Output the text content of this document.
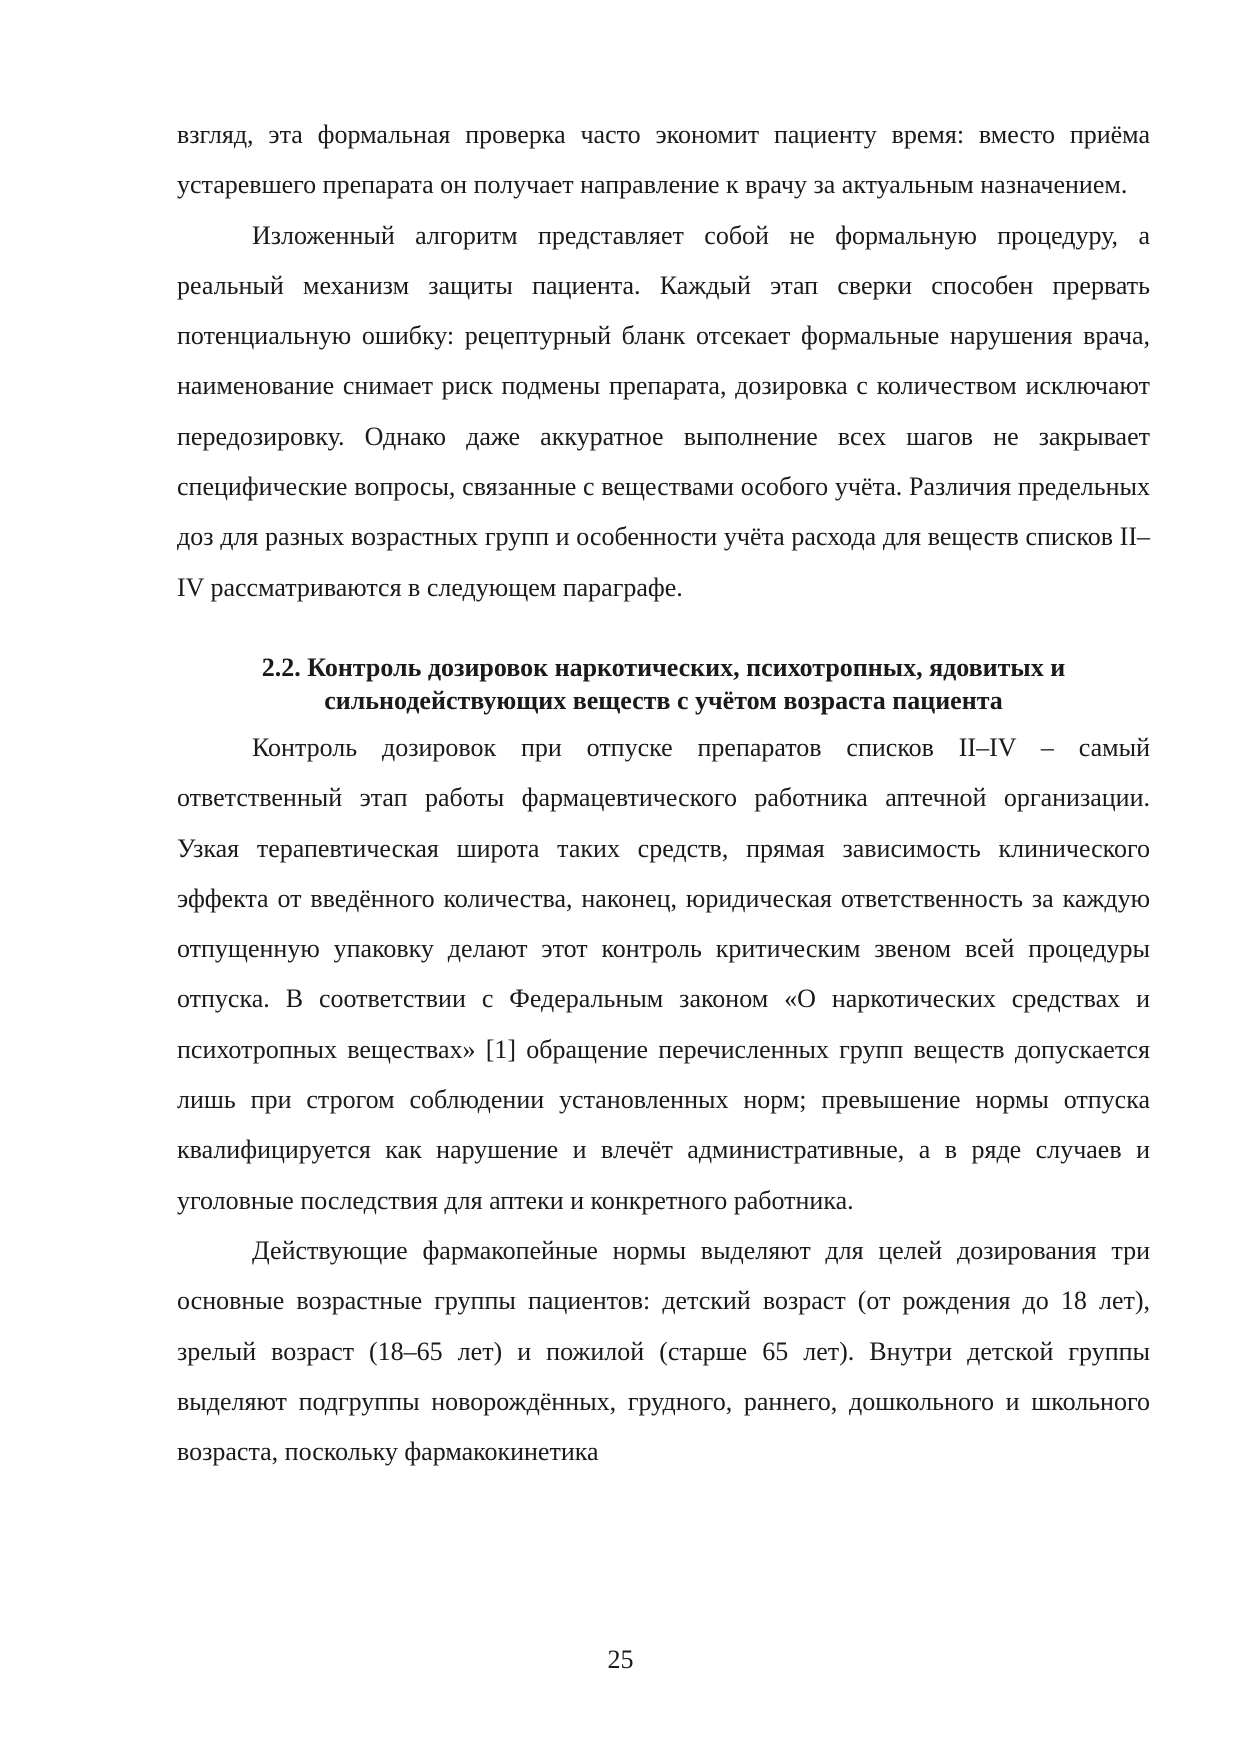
взгляд, эта формальная проверка часто экономит пациенту время: вместо приёма устаревшего препарата он получает направление к врачу за актуальным назначением.

Изложенный алгоритм представляет собой не формальную процедуру, а реальный механизм защиты пациента. Каждый этап сверки способен прервать потенциальную ошибку: рецептурный бланк отсекает формальные нарушения врача, наименование снимает риск подмены препарата, дозировка с количеством исключают передозировку. Однако даже аккуратное выполнение всех шагов не закрывает специфические вопросы, связанные с веществами особого учёта. Различия предельных доз для разных возрастных групп и особенности учёта расхода для веществ списков II–IV рассматриваются в следующем параграфе.

2.2. Контроль дозировок наркотических, психотропных, ядовитых и сильнодействующих веществ с учётом возраста пациента

Контроль дозировок при отпуске препаратов списков II–IV – самый ответственный этап работы фармацевтического работника аптечной организации. Узкая терапевтическая широта таких средств, прямая зависимость клинического эффекта от введённого количества, наконец, юридическая ответственность за каждую отпущенную упаковку делают этот контроль критическим звеном всей процедуры отпуска. В соответствии с Федеральным законом «О наркотических средствах и психотропных веществах» [1] обращение перечисленных групп веществ допускается лишь при строгом соблюдении установленных норм; превышение нормы отпуска квалифицируется как нарушение и влечёт административные, а в ряде случаев и уголовные последствия для аптеки и конкретного работника.

Действующие фармакопейные нормы выделяют для целей дозирования три основные возрастные группы пациентов: детский возраст (от рождения до 18 лет), зрелый возраст (18–65 лет) и пожилой (старше 65 лет). Внутри детской группы выделяют подгруппы новорождённых, грудного, раннего, дошкольного и школьного возраста, поскольку фармакокинетика

25
